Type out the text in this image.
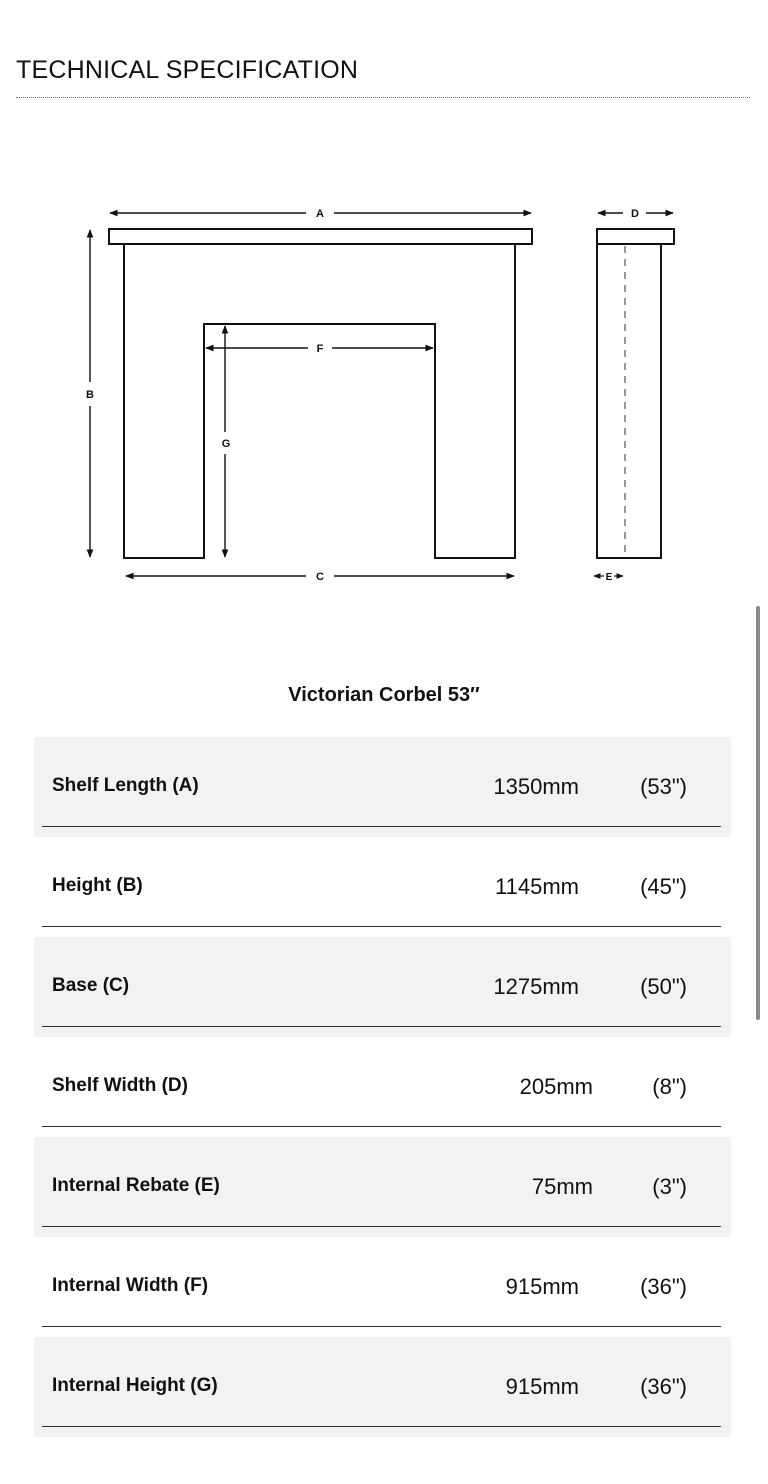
TECHNICAL SPECIFICATION
A
B
C
F
G
D
E
Victorian Corbel 53″
Shelf Length (A)	1350mm	(53")
Height (B)	1145mm	(45")
Base (C)	1275mm	(50")
Shelf Width (D)	205mm	(8")
Internal Rebate (E)	75mm	(3")
Internal Width (F)	915mm	(36")
Internal Height (G)	915mm	(36")
